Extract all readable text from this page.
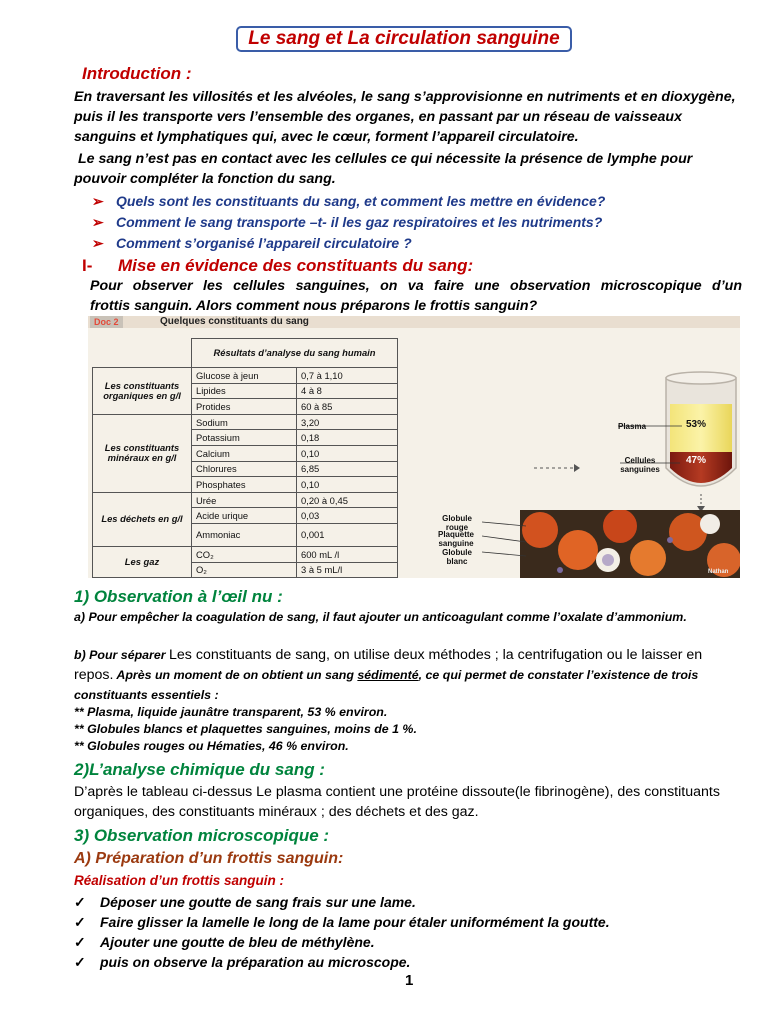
Le sang et La circulation sanguine
Introduction :
En traversant les villosités et les alvéoles, le sang s’approvisionne en nutriments et en dioxygène, puis il les transporte vers l’ensemble des organes, en passant par un réseau de vaisseaux sanguins et lymphatiques qui, avec le cœur, forment l’appareil circulatoire.
Le sang n’est pas en contact avec les cellules ce qui nécessite la présence de lymphe pour pouvoir compléter la fonction du sang.
➢ Quels sont les constituants du sang, et comment les mettre en évidence?
➢ Comment le sang transporte –t- il les gaz respiratoires et les nutriments?
➢ Comment s’organisé l’appareil circulatoire ?
I- Mise en évidence des constituants du sang:
Pour observer les cellules sanguines, on va faire une observation microscopique d’un
frottis sanguin. Alors comment nous préparons le frottis sanguin?
Doc 2	Quelques constituants du sang
	Résultats d’analyse du sang humain	
Les constituants organiques en g/l	Glucose à jeun	0,7 à 1,10
	Lipides	4 à 8
	Protides	60 à 85
Les constituants minéraux en g/l	Sodium	3,20
	Potassium	0,18
	Calcium	0,10
	Chlorures	6,85
	Phosphates	0,10
Les déchets en g/l	Urée	0,20 à 0,45
	Acide urique	0,03
	Ammoniac	0,001
Les gaz	CO₂	600 mL /l
	O₂	3 à 5 mL/l
Plasma	53%
Cellules sanguines
47%
Globule rouge
Plaquette sanguine
Globule blanc
Nathan
1) Observation à l’œil nu :
a) Pour empêcher la coagulation de sang, il faut ajouter un anticoagulant comme l’oxalate d’ammonium.
b) Pour séparer Les constituants de sang, on utilise deux méthodes ; la centrifugation ou le laisser en repos. Après un moment de on obtient un sang sédimenté, ce qui permet de constater l’existence de trois constituants essentiels :
** Plasma, liquide jaunâtre transparent, 53 % environ.
** Globules blancs et plaquettes sanguines, moins de 1 %.
** Globules rouges ou Hématies, 46 % environ.
2)L’analyse chimique du sang :
D’après le tableau ci-dessus Le plasma contient une protéine dissoute(le fibrinogène), des constituants organiques, des constituants minéraux ; des déchets et des gaz.
3) Observation microscopique :
A) Préparation d’un frottis sanguin:
Réalisation d’un frottis sanguin :
✓ Déposer une goutte de sang frais sur une lame.
✓ Faire glisser la lamelle le long de la lame pour étaler uniformément la goutte.
✓ Ajouter une goutte de bleu de méthylène.
✓ puis on observe la préparation au microscope.
1
